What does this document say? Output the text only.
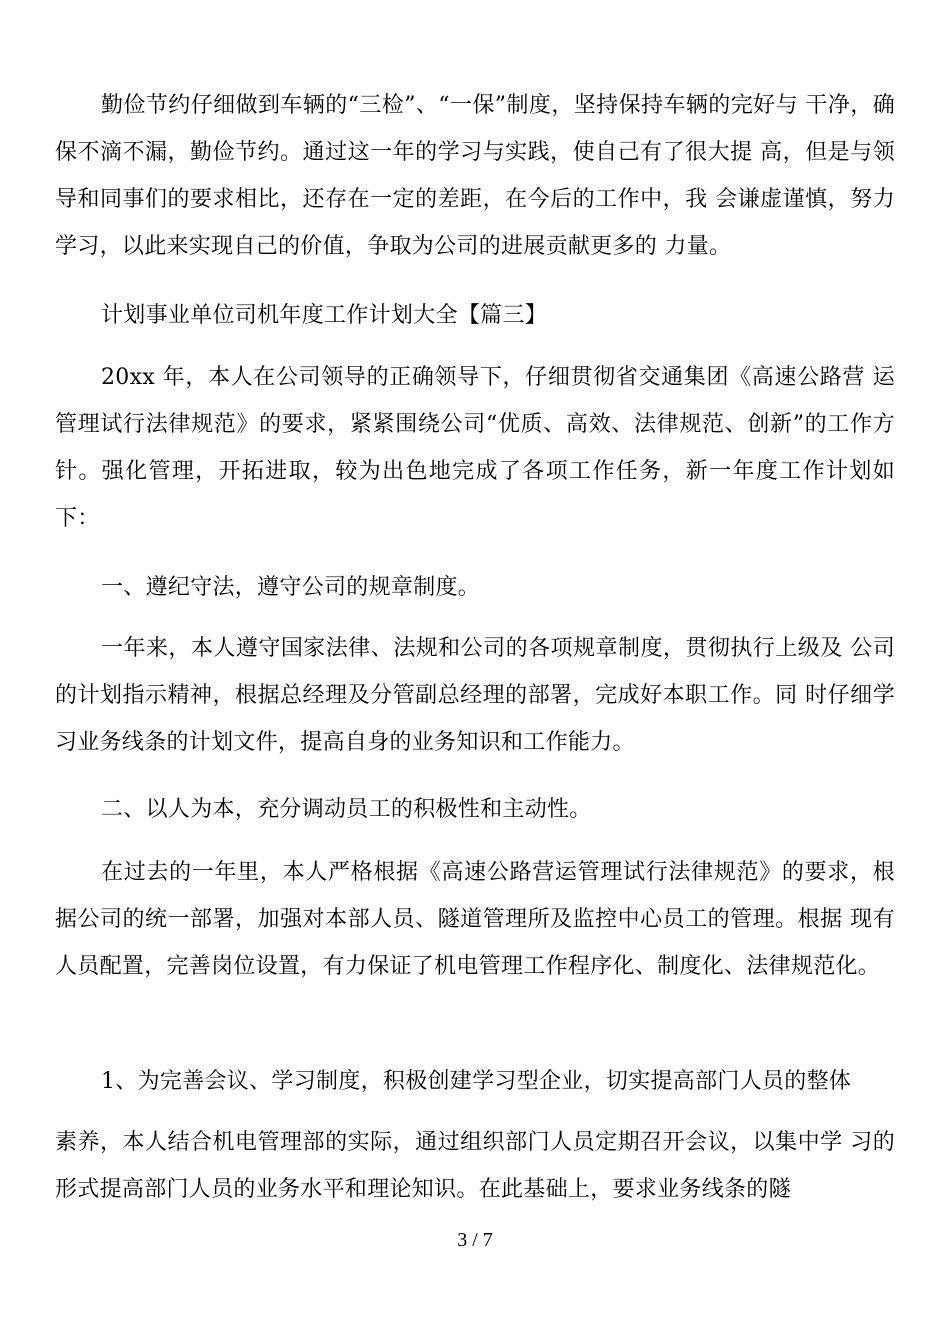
勤俭节约仔细做到车辆的“三检”、“一保”制度，坚持保持车辆的完好与 干净，确保不滴不漏，勤俭节约。通过这一年的学习与实践，使自己有了很大提 高，但是与领导和同事们的要求相比，还存在一定的差距，在今后的工作中，我 会谦虚谨慎，努力学习，以此来实现自己的价值，争取为公司的进展贡献更多的 力量。

计划事业单位司机年度工作计划大全【篇三】

20xx 年，本人在公司领导的正确领导下，仔细贯彻省交通集团《高速公路营 运管理试行法律规范》的要求，紧紧围绕公司“优质、高效、法律规范、创新”的工作方 针。强化管理，开拓进取，较为出色地完成了各项工作任务，新一年度工作计划如下：

一、遵纪守法，遵守公司的规章制度。

一年来，本人遵守国家法律、法规和公司的各项规章制度，贯彻执行上级及 公司的计划指示精神，根据总经理及分管副总经理的部署，完成好本职工作。同 时仔细学习业务线条的计划文件，提高自身的业务知识和工作能力。

二、以人为本，充分调动员工的积极性和主动性。

在过去的一年里，本人严格根据《高速公路营运管理试行法律规范》的要求，根据公司的统一部署，加强对本部人员、隧道管理所及监控中心员工的管理。根据 现有人员配置，完善岗位设置，有力保证了机电管理工作程序化、制度化、法律规范化。

1、为完善会议、学习制度，积极创建学习型企业，切实提高部门人员的整体

素养，本人结合机电管理部的实际，通过组织部门人员定期召开会议，以集中学 习的形式提高部门人员的业务水平和理论知识。在此基础上，要求业务线条的隧

3 / 7
